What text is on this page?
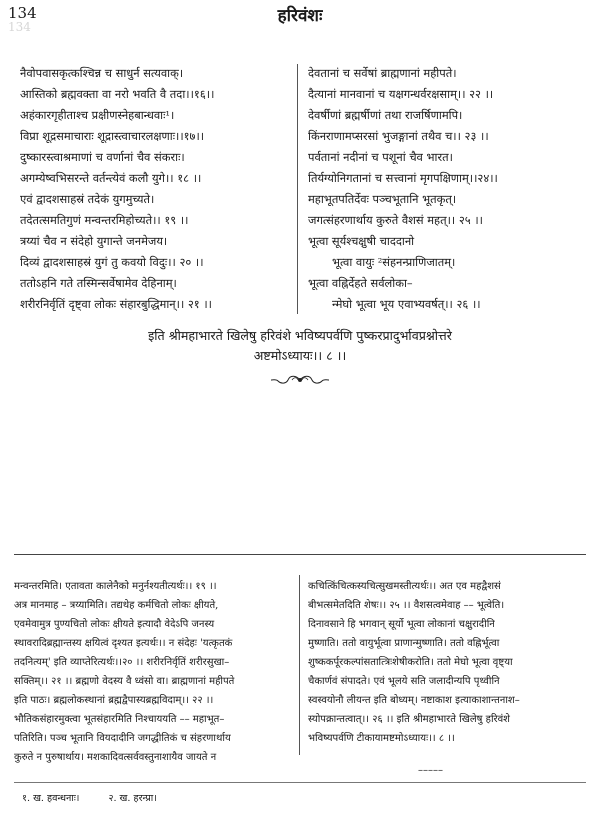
134
134
हरिवंशः
नैवोपवासकृत्कश्चिन्न च साधुर्न सत्यवाक्।
आस्तिको ब्रह्मवक्ता वा नरो भवति वै तदा।।१६।।
अहंकारगृहीताश्च प्रक्षीणस्नेहबान्धवाः¹।
विप्रा शूद्रसमाचाराः शूद्रास्त्वाचारलक्षणाः।।१७।।
दुष्कारस्त्वाश्रमाणां च वर्णानां चैव संकराः।
अगम्येष्वभिसरन्ते वर्तन्त्येवं कलौ युगे।। १८ ।।
एवं द्वादशसाहस्रं तदेकं युगमुच्यते।
तदेतत्समतिगुणं मन्वन्तरमिहोच्यते।। १९ ।।
त्रय्यां चैव न संदेहो युगान्ते जनमेजय।
दिव्यं द्वादशसाहस्रं युगं तु कवयो विदुः।। २० ।।
ततोऽहनि गते तस्मिन्सर्वेषामेव देहिनाम्।
शरीरनिर्वृतिं दृष्ट्वा लोकः संहारबुद्धिमान्।। २१ ।।
देवतानां च सर्वेषां ब्राह्मणानां महीपते।
दैत्यानां मानवानां च यक्षगन्धर्वरक्षसाम्।। २२ ।।
देवर्षीणां ब्रह्मर्षीणां तथा राजर्षिणामपि।
किंनराणामप्सरसां भुजङ्गानां तथैव च।। २३ ।।
पर्वतानां नदीनां च पशूनां चैव भारत।
तिर्यग्योनिगतानां च सत्त्वानां मृगपक्षिणाम्।।२४।।
महाभूतपतिर्देवः पञ्चभूतानि भूतकृत्।
जगत्संहरणार्थाय कुरुते वैशसं महत्।। २५ ।।
भूत्वा सूर्यश्चक्षुषी चाददानो
भूत्वा वायुः ²संहनन्प्राणिजातम्।
भूत्वा वह्निर्देहते सर्वलोका–
न्मेघो भूत्वा भूय एवाभ्यवर्षत्।। २६ ।।
इति श्रीमहाभारते खिलेषु हरिवंशे भविष्यपर्वणि पुष्करप्रादुर्भावप्रश्नोत्तरे
अष्टमोऽध्यायः।। ८ ।।
मन्वन्तरमिति। एतावता कालेनैको मनुर्नश्यतीत्यर्थः।। १९ ।।
अत्र मानमाह – त्रय्यामिति। तद्यथेह कर्मचितो लोकः क्षीयते,
एवमेवामुत्र पुण्यचितो लोकः क्षीयते इत्यादौ वेदेऽपि जनस्य
स्थावरादिब्रह्मान्तस्य क्षयित्वं दृश्यत इत्यर्थः।। न संदेहः 'यत्कृतकं
तदनित्यम्' इति व्याप्तेरित्यर्थः।।२० ।। शरीरनिर्वृतिं शरीरसुखा–
सक्तिम्।। २१ ।। ब्रह्मणो वेदस्य वै ध्वंसो वा। ब्राह्मणानां महीपते
इति पाठः। ब्रह्मलोकस्थानां ब्रह्मद्वैपास्यब्रह्मविदाम्।। २२ ।।
भौतिकसंहारमुक्त्वा भूतसंहारमिति निश्चाययति –– महाभूत–
पतिरिति। पञ्च भूतानि वियदादीनि जगद्धीतिकं च संहरणार्थाय
कुरुते न पुरुषार्थाय। मशकादिवत्सर्ववस्तुनाशायैव जायते न
कचित्किंचित्कस्यचित्सुखमस्तीत्यर्थः।। अत एव महद्वैशसं
बीभत्समेतदिति शेषः।। २५ ।। वैशसत्वमेवाह –– भूत्वेति।
दिनावसाने हि भगवान् सूर्यो भूत्वा लोकानां चक्षुरादीनि
मुष्णाति। ततो वायुर्भूत्वा प्राणान्मुष्णाति। ततो वह्निर्भूत्वा
शुष्ककर्पूरकल्पांसतात्त्रिःशेषीकरोति। ततो मेघो भूत्वा वृष्ट्या
चैकार्णवं संपादते। एवं भूलये सति जलादीन्यपि पृथ्वीनि
स्वस्वयोनौ लीयन्त इति बोध्यम्। नष्टाकाश इत्याकाशान्तनाश–
स्योपक्रान्तत्वात्।। २६ ।। इति श्रीमहाभारते खिलेषु हरिवंशे
भविष्यपर्वणि टीकायामष्टमोऽध्यायः।। ८ ।।
–––––
१. ख. हवन्धनाः।	२. ख. हरन्प्रा।
